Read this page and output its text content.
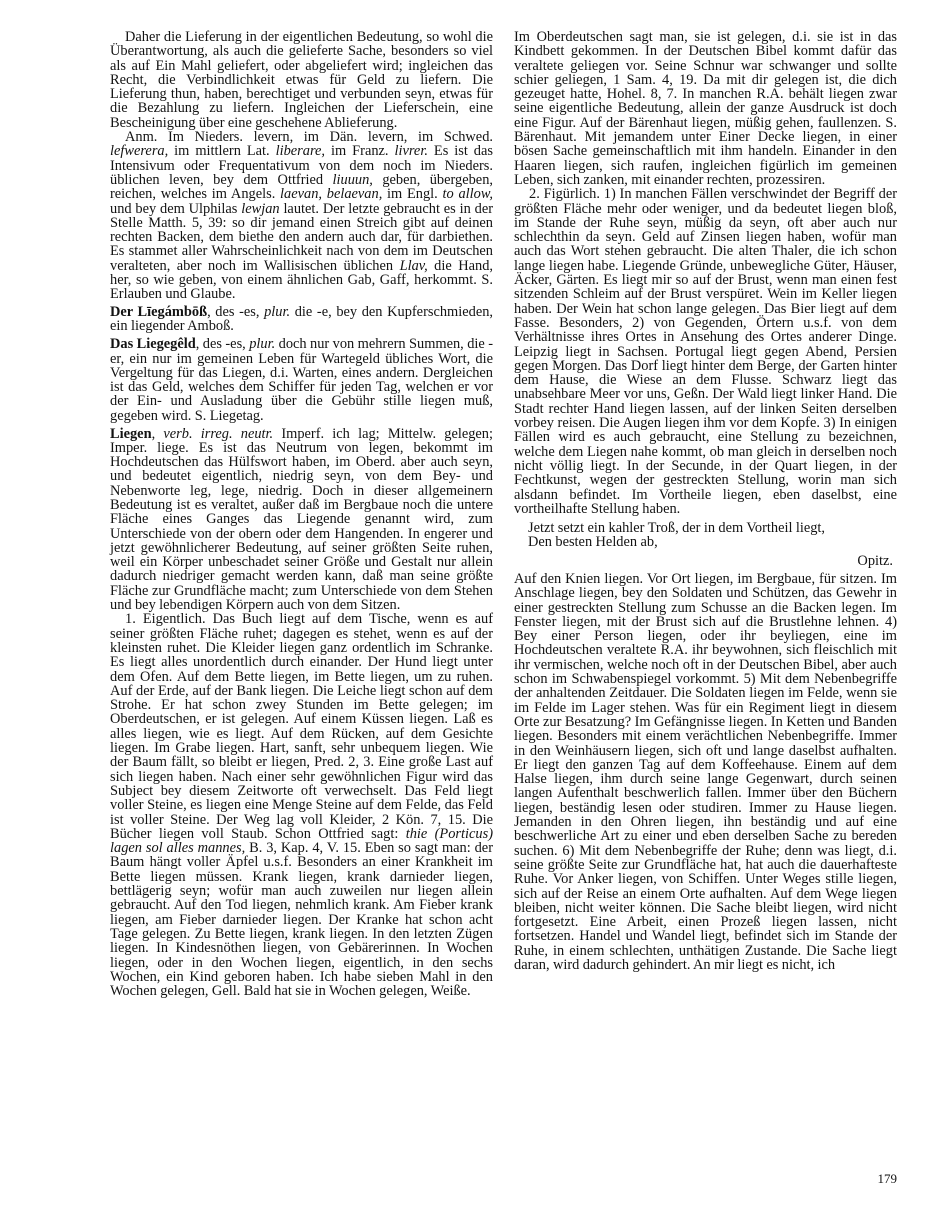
Daher die Lieferung in der eigentlichen Bedeutung, so wohl die Überantwortung, als auch die gelieferte Sache, besonders so viel als auf Ein Mahl geliefert, oder abgeliefert wird; ingleichen das Recht, die Verbindlichkeit etwas für Geld zu liefern. Die Lieferung thun, haben, berechtiget und verbunden seyn, etwas für die Bezahlung zu liefern. Ingleichen der Lieferschein, eine Bescheinigung über eine geschehene Ablieferung.

Anm. Im Nieders. levern, im Dän. levern, im Schwed. lefwerera, im mittlern Lat. liberare, im Franz. livrer. Es ist das Intensivum oder Frequentativum von dem noch im Nieders. üblichen leven, bey dem Ottfried liuuun, geben, übergeben, reichen, welches im Angels. laevan, belaevan, im Engl. to allow, und bey dem Ulphilas lewjan lautet. Der letzte gebraucht es in der Stelle Matth. 5, 39: so dir jemand einen Streich gibt auf deinen rechten Backen, dem biethe den andern auch dar, für darbiethen. Es stammet aller Wahrscheinlichkeit nach von dem im Deutschen veralteten, aber noch im Wallisischen üblichen Llav, die Hand, her, so wie geben, von einem ähnlichen Gab, Gaff, herkommt. S. Erlauben und Glaube.

Der Līegámbōß, des -es, plur. die -e, bey den Kupferschmieden, ein liegender Amboß.

Das Liegegêld, des -es, plur. doch nur von mehrern Summen, die -er, ein nur im gemeinen Leben für Wartegeld übliches Wort, die Vergeltung für das Liegen, d.i. Warten, eines andern. Dergleichen ist das Geld, welches dem Schiffer für jeden Tag, welchen er vor der Ein- und Ausladung über die Gebühr stille liegen muß, gegeben wird. S. Liegetag.

Liegen, verb. irreg. neutr. Imperf. ich lag; Mittelw. gelegen; Imper. liege. Es ist das Neutrum von legen, bekommt im Hochdeutschen das Hülfswort haben, im Oberd. aber auch seyn, und bedeutet eigentlich, niedrig seyn, von dem Bey- und Nebenworte leg, lege, niedrig. Doch in dieser allgemeinern Bedeutung ist es veraltet, außer daß im Bergbaue noch die untere Fläche eines Ganges das Liegende genannt wird, zum Unterschiede von der obern oder dem Hangenden. In engerer und jetzt gewöhnlicherer Bedeutung, auf seiner größten Seite ruhen, weil ein Körper unbeschadet seiner Größe und Gestalt nur allein dadurch niedriger gemacht werden kann, daß man seine größte Fläche zur Grundfläche macht; zum Unterschiede von dem Stehen und bey lebendigen Körpern auch von dem Sitzen.

1. Eigentlich. Das Buch liegt auf dem Tische, wenn es auf seiner größten Fläche ruhet; dagegen es stehet, wenn es auf der kleinsten ruhet. Die Kleider liegen ganz ordentlich im Schranke. Es liegt alles unordentlich durch einander. Der Hund liegt unter dem Ofen. Auf dem Bette liegen, im Bette liegen, um zu ruhen. Auf der Erde, auf der Bank liegen. Die Leiche liegt schon auf dem Strohe. Er hat schon zwey Stunden im Bette gelegen; im Oberdeutschen, er ist gelegen. Auf einem Küssen liegen. Laß es alles liegen, wie es liegt. Auf dem Rücken, auf dem Gesichte liegen. Im Grabe liegen. Hart, sanft, sehr unbequem liegen. Wie der Baum fällt, so bleibt er liegen, Pred. 2, 3. Eine große Last auf sich liegen haben. Nach einer sehr gewöhnlichen Figur wird das Subject bey diesem Zeitworte oft verwechselt. Das Feld liegt voller Steine, es liegen eine Menge Steine auf dem Felde, das Feld ist voller Steine. Der Weg lag voll Kleider, 2 Kön. 7, 15. Die Bücher liegen voll Staub. Schon Ottfried sagt: thie (Porticus) lagen sol alles mannes, B. 3, Kap. 4, V. 15. Eben so sagt man: der Baum hängt voller Äpfel u.s.f. Besonders an einer Krankheit im Bette liegen müssen. Krank liegen, krank darnieder liegen, bettlägerig seyn; wofür man auch zuweilen nur liegen allein gebraucht. Auf den Tod liegen, nehmlich krank. Am Fieber krank liegen, am Fieber darnieder liegen. Der Kranke hat schon acht Tage gelegen. Zu Bette liegen, krank liegen. In den letzten Zügen liegen. In Kindesnöthen liegen, von Gebärerinnen. In Wochen liegen, oder in den Wochen liegen, eigentlich, in den sechs Wochen, ein Kind geboren haben. Ich habe sieben Mahl in den Wochen gelegen, Gell. Bald hat sie in Wochen gelegen, Weiße.

Im Oberdeutschen sagt man, sie ist gelegen, d.i. sie ist in das Kindbett gekommen. In der Deutschen Bibel kommt dafür das veraltete geliegen vor. Seine Schnur war schwanger und sollte schier geliegen, 1 Sam. 4, 19. Da mit dir gelegen ist, die dich gezeuget hatte, Hohel. 8, 7. In manchen R.A. behält liegen zwar seine eigentliche Bedeutung, allein der ganze Ausdruck ist doch eine Figur. Auf der Bärenhaut liegen, müßig gehen, faullenzen. S. Bärenhaut. Mit jemandem unter Einer Decke liegen, in einer bösen Sache gemeinschaftlich mit ihm handeln. Einander in den Haaren liegen, sich raufen, ingleichen figürlich im gemeinen Leben, sich zanken, mit einander rechten, prozessiren.

2. Figürlich. 1) In manchen Fällen verschwindet der Begriff der größten Fläche mehr oder weniger, und da bedeutet liegen bloß, im Stande der Ruhe seyn, müßig da seyn, oft aber auch nur schlechthin da seyn. Geld auf Zinsen liegen haben, wofür man auch das Wort stehen gebraucht. Die alten Thaler, die ich schon lange liegen habe. Liegende Gründe, unbewegliche Güter, Häuser, Äcker, Gärten. Es liegt mir so auf der Brust, wenn man einen fest sitzenden Schleim auf der Brust verspüret. Wein im Keller liegen haben. Der Wein hat schon lange gelegen. Das Bier liegt auf dem Fasse. Besonders, 2) von Gegenden, Örtern u.s.f. von dem Verhältnisse ihres Ortes in Ansehung des Ortes anderer Dinge. Leipzig liegt in Sachsen. Portugal liegt gegen Abend, Persien gegen Morgen. Das Dorf liegt hinter dem Berge, der Garten hinter dem Hause, die Wiese an dem Flusse. Schwarz liegt das unabsehbare Meer vor uns, Geßn. Der Wald liegt linker Hand. Die Stadt rechter Hand liegen lassen, auf der linken Seiten derselben vorbey reisen. Die Augen liegen ihm vor dem Kopfe. 3) In einigen Fällen wird es auch gebraucht, eine Stellung zu bezeichnen, welche dem Liegen nahe kommt, ob man gleich in derselben noch nicht völlig liegt. In der Secunde, in der Quart liegen, in der Fechtkunst, wegen der gestreckten Stellung, worin man sich alsdann befindet. Im Vortheile liegen, eben daselbst, eine vortheilhafte Stellung haben.

Jetzt setzt ein kahler Troß, der in dem Vortheil liegt,

Den besten Helden ab,

Opitz.

Auf den Knien liegen. Vor Ort liegen, im Bergbaue, für sitzen. Im Anschlage liegen, bey den Soldaten und Schützen, das Gewehr in einer gestreckten Stellung zum Schusse an die Backen legen. Im Fenster liegen, mit der Brust sich auf die Brustlehne lehnen. 4) Bey einer Person liegen, oder ihr beyliegen, eine im Hochdeutschen veraltete R.A. ihr beywohnen, sich fleischlich mit ihr vermischen, welche noch oft in der Deutschen Bibel, aber auch schon im Schwabenspiegel vorkommt. 5) Mit dem Nebenbegriffe der anhaltenden Zeitdauer. Die Soldaten liegen im Felde, wenn sie im Felde im Lager stehen. Was für ein Regiment liegt in diesem Orte zur Besatzung? Im Gefängnisse liegen. In Ketten und Banden liegen. Besonders mit einem verächtlichen Nebenbegriffe. Immer in den Weinhäusern liegen, sich oft und lange daselbst aufhalten. Er liegt den ganzen Tag auf dem Koffeehause. Einem auf dem Halse liegen, ihm durch seine lange Gegenwart, durch seinen langen Aufenthalt beschwerlich fallen. Immer über den Büchern liegen, beständig lesen oder studiren. Immer zu Hause liegen. Jemanden in den Ohren liegen, ihn beständig und auf eine beschwerliche Art zu einer und eben derselben Sache zu bereden suchen. 6) Mit dem Nebenbegriffe der Ruhe; denn was liegt, d.i. seine größte Seite zur Grundfläche hat, hat auch die dauerhafteste Ruhe. Vor Anker liegen, von Schiffen. Unter Weges stille liegen, sich auf der Reise an einem Orte aufhalten. Auf dem Wege liegen bleiben, nicht weiter können. Die Sache bleibt liegen, wird nicht fortgesetzt. Eine Arbeit, einen Prozeß liegen lassen, nicht fortsetzen. Handel und Wandel liegt, befindet sich im Stande der Ruhe, in einem schlechten, unthätigen Zustande. Die Sache liegt daran, wird dadurch gehindert. An mir liegt es nicht, ich

179
